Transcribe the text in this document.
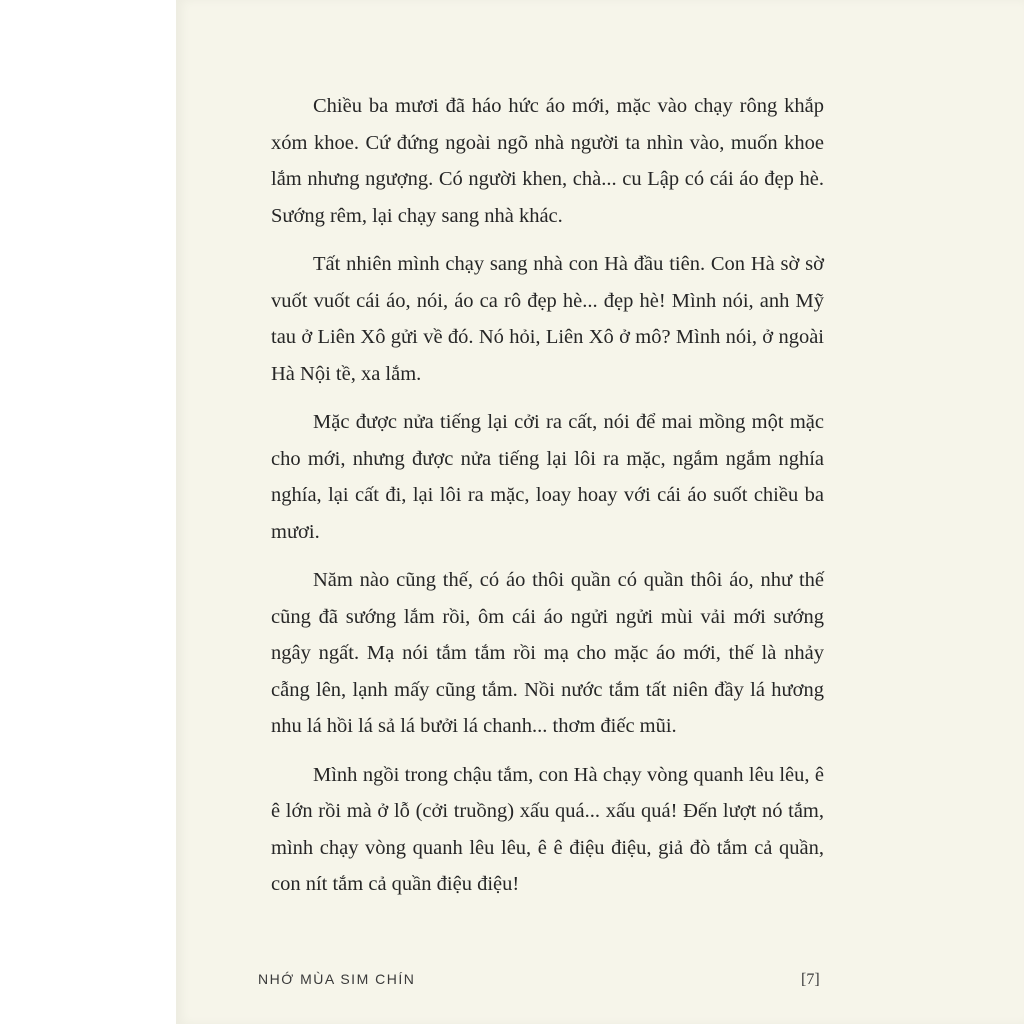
Chiều ba mươi đã háo hức áo mới, mặc vào chạy rông khắp xóm khoe. Cứ đứng ngoài ngõ nhà người ta nhìn vào, muốn khoe lắm nhưng ngượng. Có người khen, chà... cu Lập có cái áo đẹp hè. Sướng rêm, lại chạy sang nhà khác.

Tất nhiên mình chạy sang nhà con Hà đầu tiên. Con Hà sờ sờ vuốt vuốt cái áo, nói, áo ca rô đẹp hè... đẹp hè! Mình nói, anh Mỹ tau ở Liên Xô gửi về đó. Nó hỏi, Liên Xô ở mô? Mình nói, ở ngoài Hà Nội tề, xa lắm.

Mặc được nửa tiếng lại cởi ra cất, nói để mai mồng một mặc cho mới, nhưng được nửa tiếng lại lôi ra mặc, ngắm ngắm nghía nghía, lại cất đi, lại lôi ra mặc, loay hoay với cái áo suốt chiều ba mươi.

Năm nào cũng thế, có áo thôi quần có quần thôi áo, như thế cũng đã sướng lắm rồi, ôm cái áo ngửi ngửi mùi vải mới sướng ngây ngất. Mạ nói tắm tắm rồi mạ cho mặc áo mới, thế là nhảy cẫng lên, lạnh mấy cũng tắm. Nồi nước tắm tất niên đầy lá hương nhu lá hồi lá sả lá bưởi lá chanh... thơm điếc mũi.

Mình ngồi trong chậu tắm, con Hà chạy vòng quanh lêu lêu, ê ê lớn rồi mà ở lỗ (cởi truồng) xấu quá... xấu quá! Đến lượt nó tắm, mình chạy vòng quanh lêu lêu, ê ê điệu điệu, giả đò tắm cả quần, con nít tắm cả quần điệu điệu!

NHỚ MÙA SIM CHÍN	[7]
